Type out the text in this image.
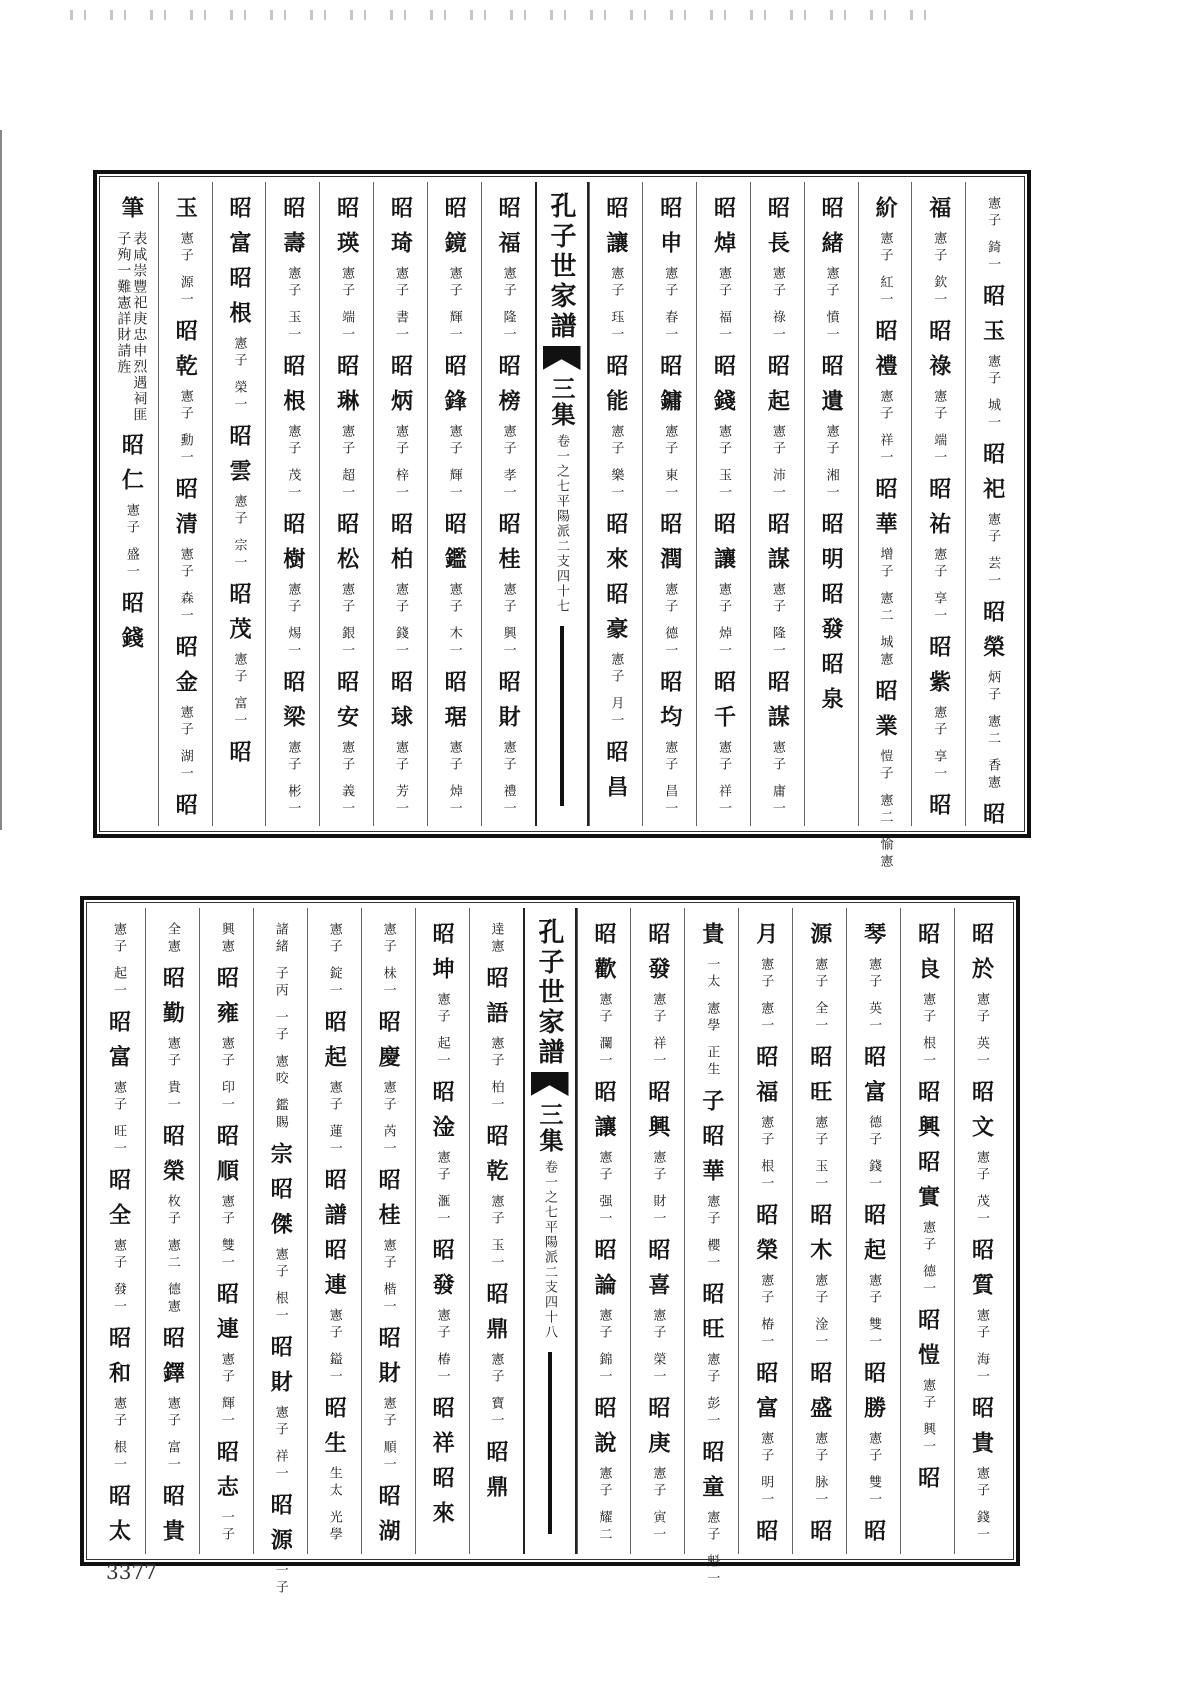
憲子
錡一
昭
玉
憲子
城一
昭
祀
憲子
芸一
昭
榮
炳子
憲二
香憲
昭
福
憲子
欽一
昭
祿
憲子
端一
昭
祐
憲子
享一
昭
紫
憲子
享一
昭
紒
憲子
紅一
昭
禮
憲子
祥一
昭
華
增子
憲二
城憲
昭
業
愷子
憲二
愉憲
昭
緒
憲子
憤一
昭
遺
憲子
湘一
昭
明
昭
發
昭
泉
昭
長
憲子
祿一
昭
起
憲子
沛一
昭
謀
憲子
隆一
昭
謀
憲子
庸一
昭
焯
憲子
福一
昭
錢
憲子
玉一
昭
讓
憲子
焯一
昭
千
憲子
祥一
昭
申
憲子
春一
昭
鏞
憲子
東一
昭
潤
憲子
德一
昭
均
憲子
昌一
昭
讓
憲子
珏一
昭
能
憲子
樂一
昭
來
昭
豪
憲子
月一
昭
昌
孔子世家譜
三集
卷一之七
平陽派
二支
四十七
昭
福
憲子
隆一
昭
榜
憲子
孝一
昭
桂
憲子
興一
昭
財
憲子
禮一
昭
鏡
憲子
輝一
昭
鋒
憲子
輝一
昭
鑑
憲子
木一
昭
琚
憲子
焯一
昭
琦
憲子
書一
昭
炳
憲子
梓一
昭
柏
憲子
錢一
昭
球
憲子
芳一
昭
瑛
憲子
端一
昭
琳
憲子
超一
昭
松
憲子
銀一
昭
安
憲子
義一
昭
壽
憲子
玉一
昭
根
憲子
茂一
昭
樹
憲子
焬一
昭
梁
憲子
彬一
昭
富
昭
根
憲子
榮一
昭
雲
憲子
宗一
昭
茂
憲子
富一
昭
玉
憲子
源一
昭
乾
憲子
勳一
昭
清
憲子
森一
昭
金
憲子
湖一
昭
筆
表咸
崇豐
祀庚
忠申
烈遇
祠匪
子殉
一難
憲詳
財請
旌
昭
仁
憲子
盛一
昭
錢
昭
於
憲子
英一
昭
文
憲子
茂一
昭
質
憲子
海一
昭
貴
憲子
錢一
昭
良
憲子
根一
昭
興
昭
實
憲子
德一
昭
愷
憲子
興一
昭
琴
憲子
英一
昭
富
德子
錢一
昭
起
憲子
雙一
昭
勝
憲子
雙一
昭
源
憲子
全一
昭
旺
憲子
玉一
昭
木
憲子
淦一
昭
盛
憲子
脉一
昭
月
憲子
憲一
昭
福
憲子
根一
昭
榮
憲子
椿一
昭
富
憲子
明一
昭
貴
一太
憲學
正生
子
昭
華
憲子
櫻一
昭
旺
憲子
彭一
昭
童
憲子
魁一
昭
發
憲子
祥一
昭
興
憲子
財一
昭
喜
憲子
榮一
昭
庚
憲子
寅一
昭
歡
憲子
瀾一
昭
讓
憲子
强一
昭
論
憲子
錦一
昭
說
憲子
耀二
孔子世家譜
三集
卷一之七
平陽派
二支
四十八
達憲
昭
語
憲子
柏一
昭
乾
憲子
玉一
昭
鼎
憲子
寶一
昭
鼎
昭
坤
憲子
起一
昭
淦
憲子
滙一
昭
發
憲子
椿一
昭
祥
昭
來
憲子
㭑一
昭
慶
憲子
芮一
昭
桂
憲子
楷一
昭
財
憲子
順一
昭
湖
憲子
錠一
昭
起
憲子
蓮一
昭
譜
昭
連
憲子
鎰一
昭
生
生太
光學
諸緒
子丙
一子
憲咬
鑑賜
宗
昭
傑
憲子
根一
昭
財
憲子
祥一
昭
源
一子
興憲
昭
雍
憲子
印一
昭
順
憲子
雙一
昭
連
憲子
輝一
昭
志
一子
全憲
昭
勤
憲子
貴一
昭
榮
枚子
憲二
德憲
昭
鐸
憲子
富一
昭
貴
憲子
起一
昭
富
憲子
旺一
昭
全
憲子
發一
昭
和
憲子
根一
昭
太
3377
